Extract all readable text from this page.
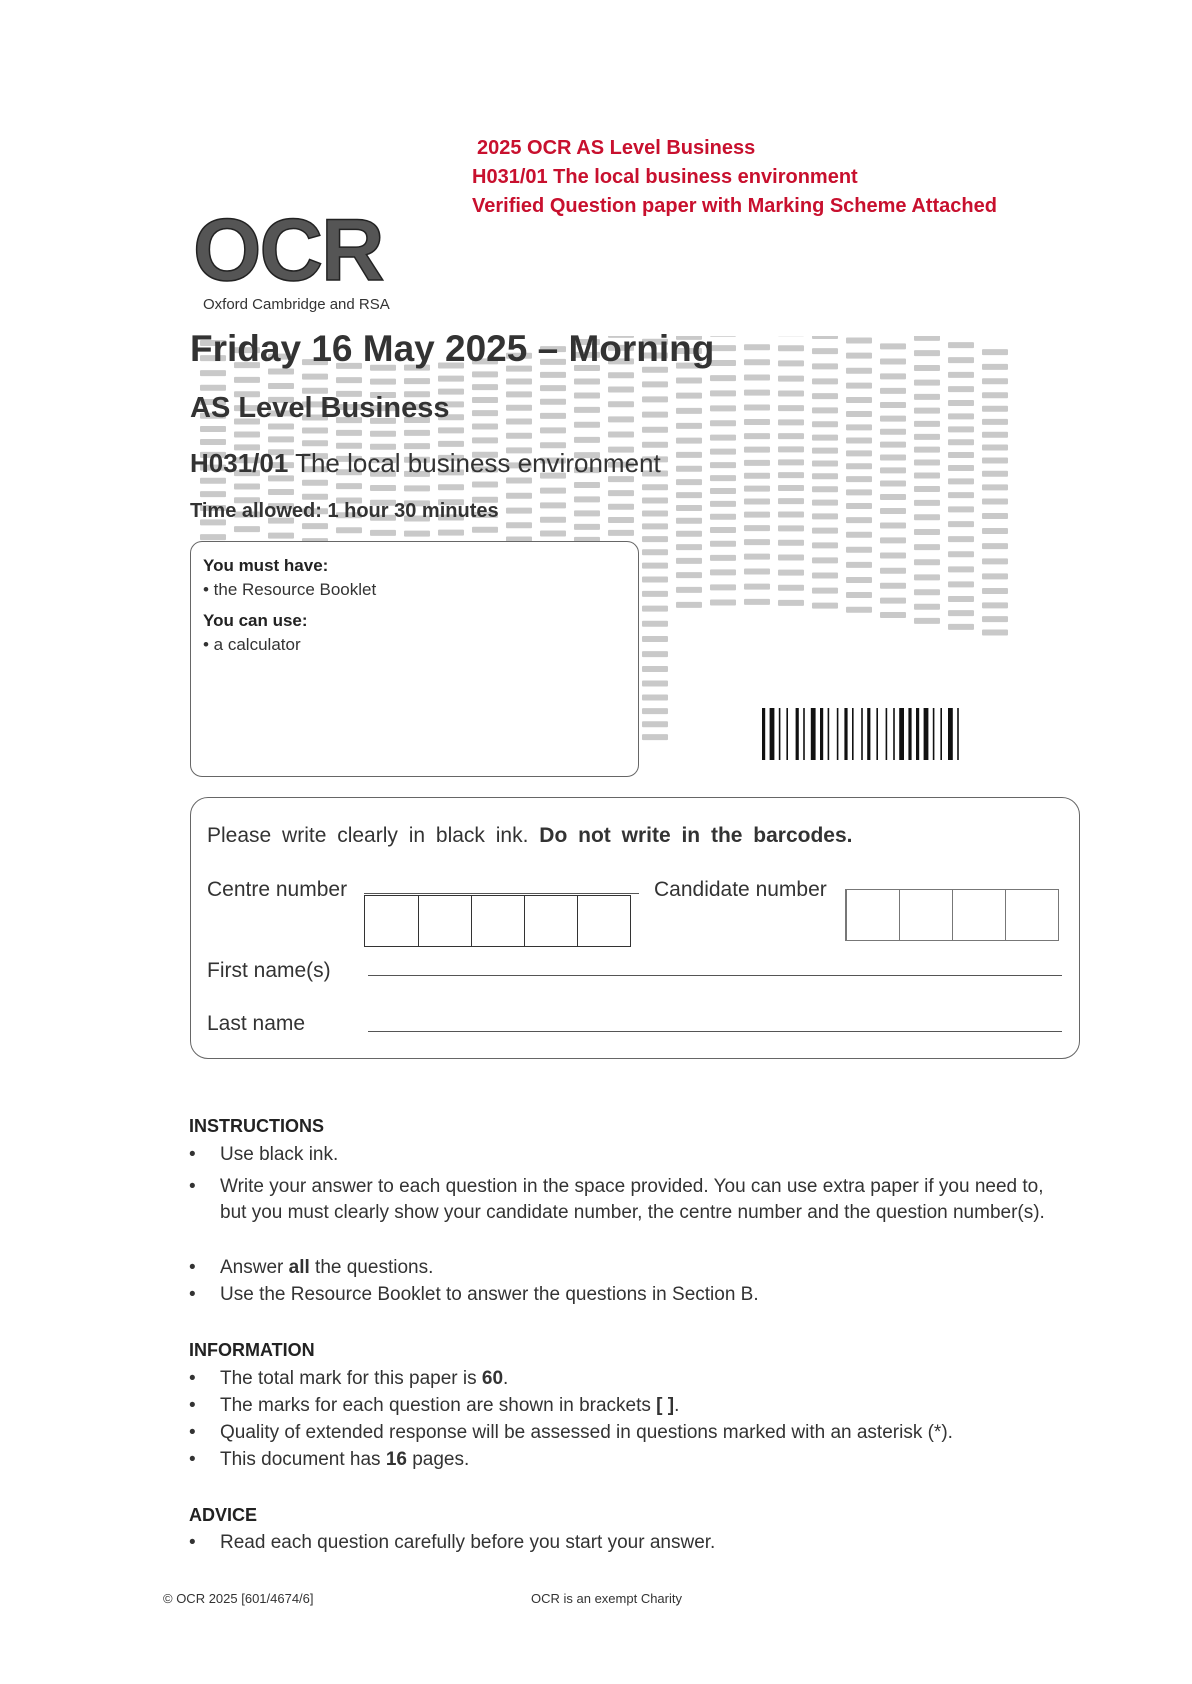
2025 OCR AS Level Business
H031/01 The local business environment
Verified Question paper with Marking Scheme Attached
OCR
Oxford Cambridge and RSA
Friday 16 May 2025 – Morning
AS Level Business
H031/01 The local business environment
Time allowed: 1 hour 30 minutes
You must have:
• the Resource Booklet
You can use:
• a calculator
Please write clearly in black ink. Do not write in the barcodes.
Centre number	Candidate number
First name(s)
Last name
INSTRUCTIONS
• Use black ink.
• Write your answer to each question in the space provided. You can use extra paper if you need to, but you must clearly show your candidate number, the centre number and the question number(s).
• Answer all the questions.
• Use the Resource Booklet to answer the questions in Section B.
INFORMATION
• The total mark for this paper is 60.
• The marks for each question are shown in brackets [ ].
• Quality of extended response will be assessed in questions marked with an asterisk (*).
• This document has 16 pages.
ADVICE
• Read each question carefully before you start your answer.
© OCR 2025 [601/4674/6]	OCR is an exempt Charity
